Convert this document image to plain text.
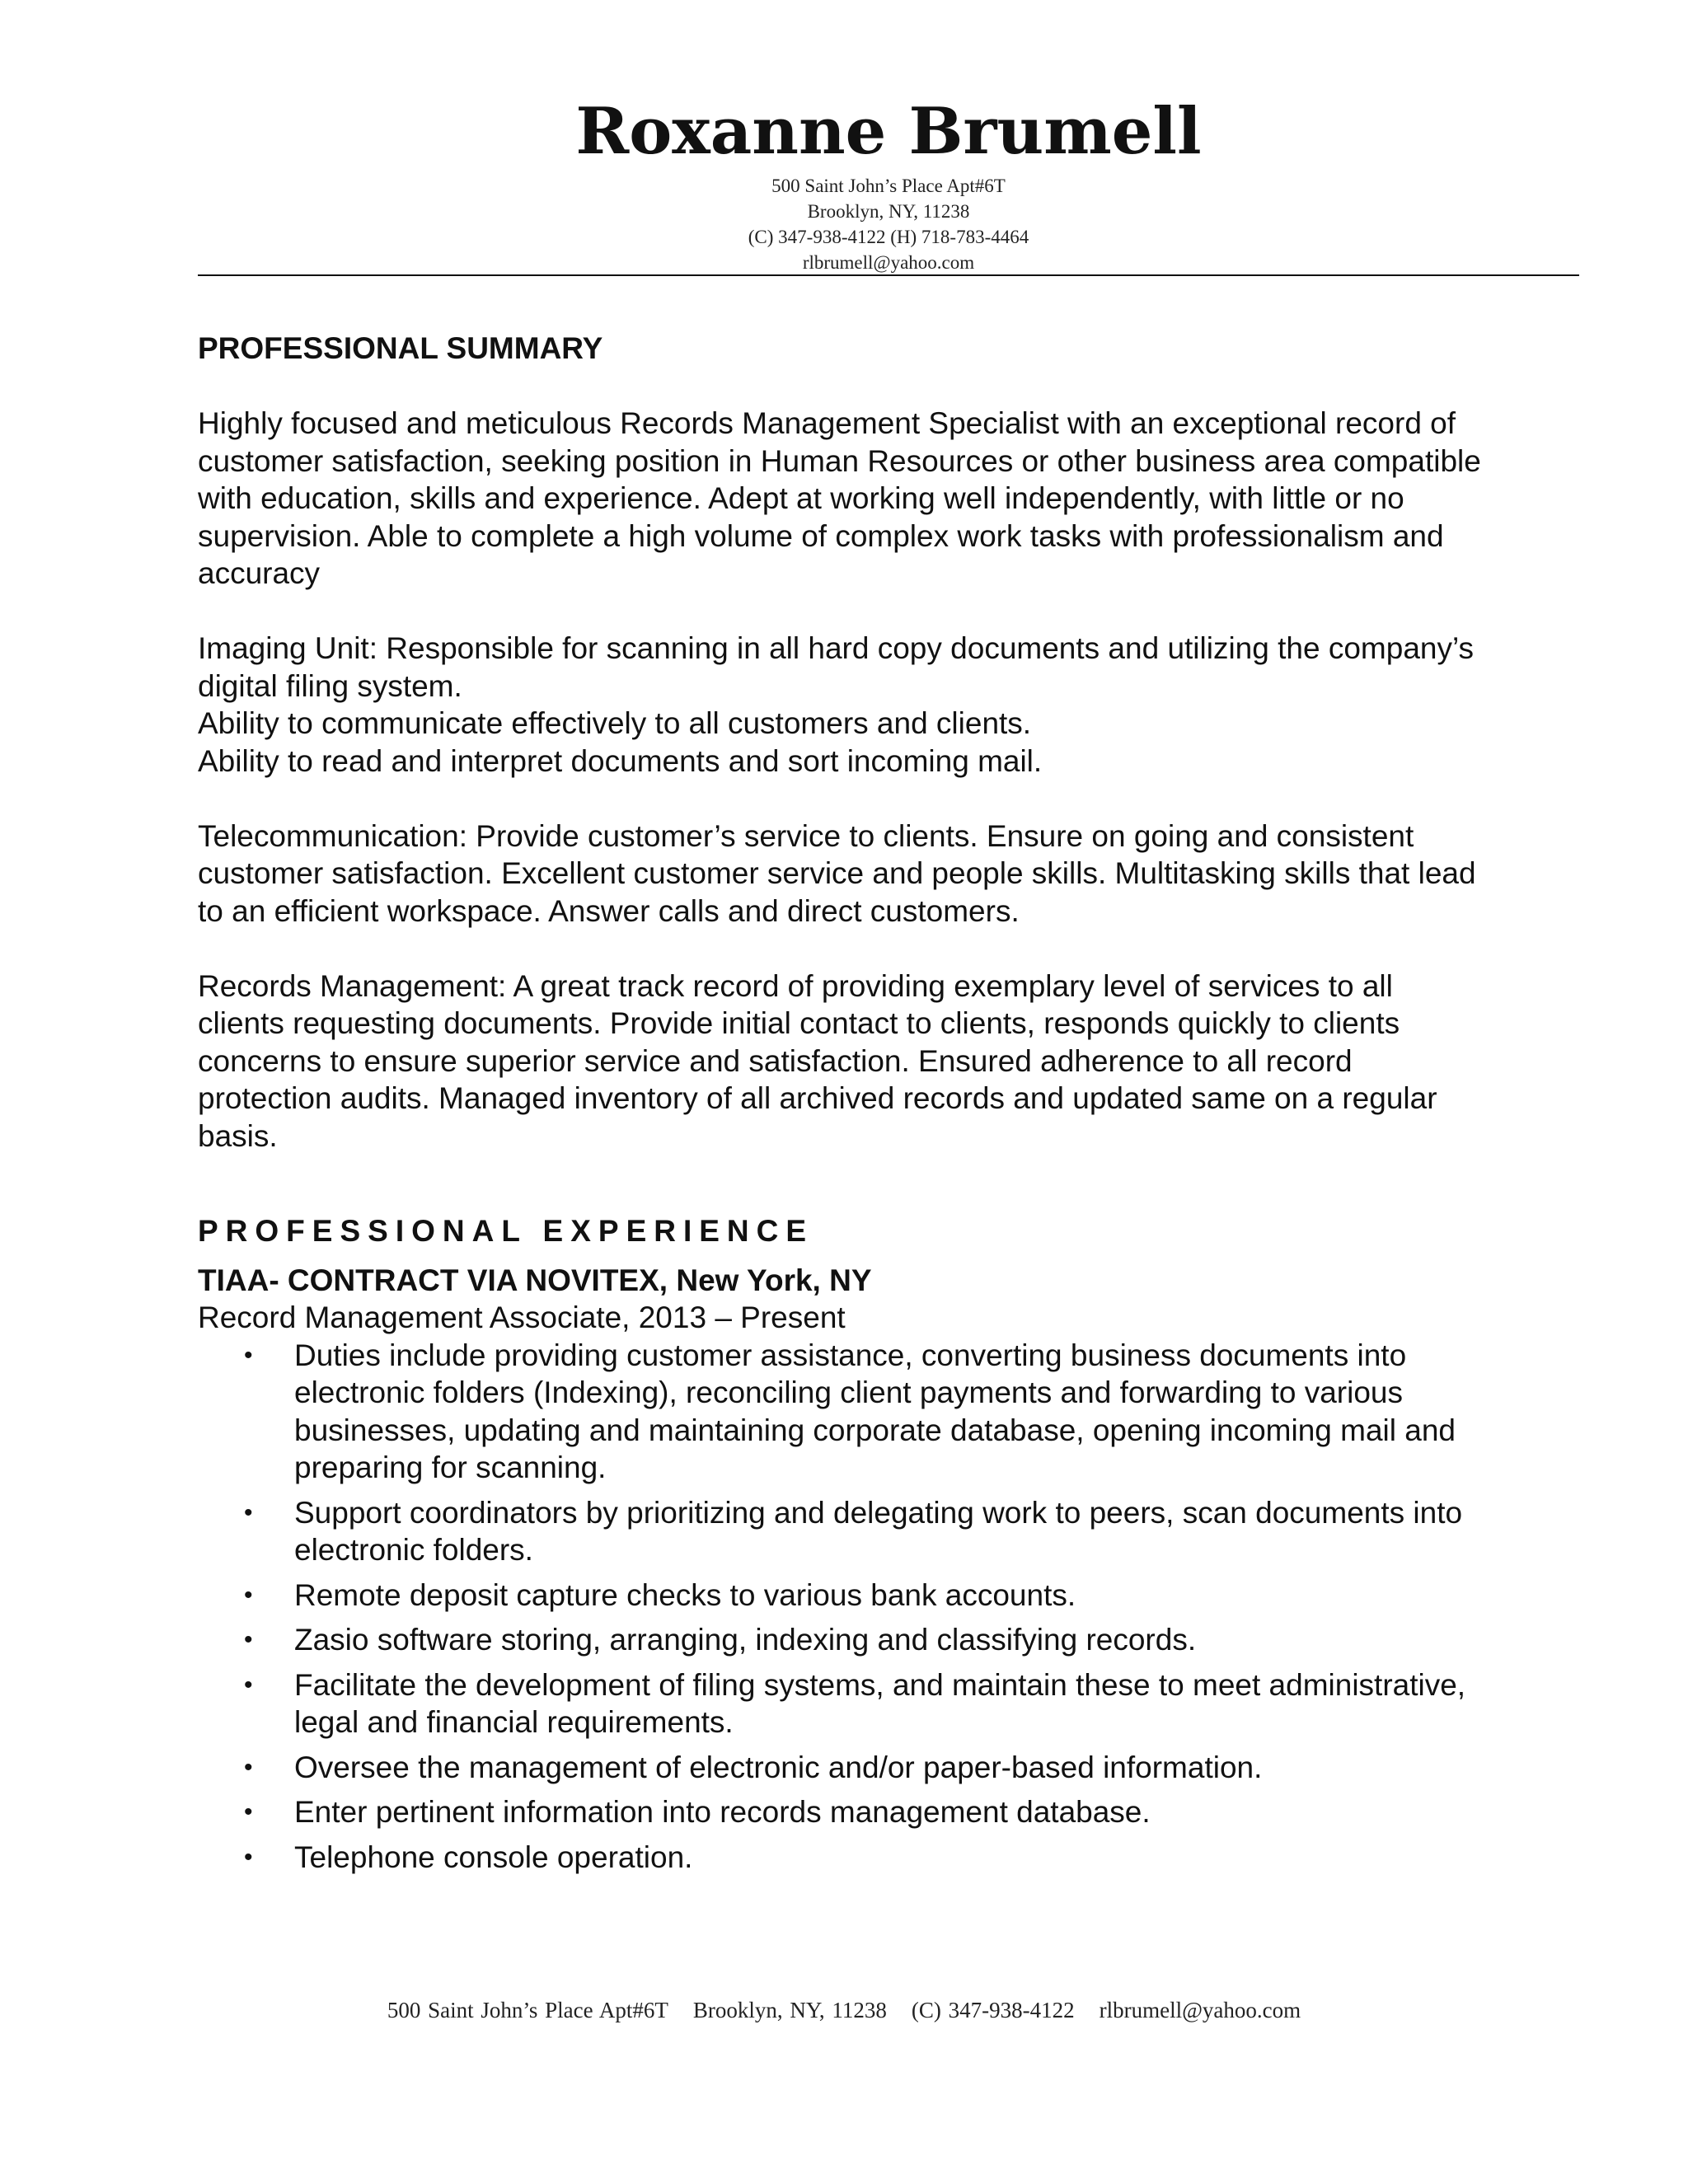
Roxanne Brumell

500 Saint John’s Place Apt#6T

Brooklyn, NY, 11238

(C) 347-938-4122 (H) 718-783-4464

rlbrumell@yahoo.com

PROFESSIONAL SUMMARY

Highly focused and meticulous Records Management Specialist with an exceptional record of customer satisfaction, seeking position in Human Resources or other business area compatible with education, skills and experience. Adept at working well independently, with little or no supervision. Able to complete a high volume of complex work tasks with professionalism and accuracy

Imaging Unit: Responsible for scanning in all hard copy documents and utilizing the company’s digital filing system.

Ability to communicate effectively to all customers and clients.

Ability to read and interpret documents and sort incoming mail.

Telecommunication: Provide customer’s service to clients. Ensure on going and consistent customer satisfaction. Excellent customer service and people skills. Multitasking skills that lead to an efficient workspace. Answer calls and direct customers.

Records Management: A great track record of providing exemplary level of services to all clients requesting documents. Provide initial contact to clients, responds quickly to clients concerns to ensure superior service and satisfaction. Ensured adherence to all record protection audits. Managed inventory of all archived records and updated same on a regular basis.

PROFESSIONAL EXPERIENCE

TIAA- CONTRACT VIA NOVITEX, New York, NY

Record Management Associate, 2013 – Present

• Duties include providing customer assistance, converting business documents into electronic folders (Indexing), reconciling client payments and forwarding to various businesses, updating and maintaining corporate database, opening incoming mail and preparing for scanning.
• Support coordinators by prioritizing and delegating work to peers, scan documents into electronic folders.
• Remote deposit capture checks to various bank accounts.
• Zasio software storing, arranging, indexing and classifying records.
• Facilitate the development of filing systems, and maintain these to meet administrative, legal and financial requirements.
• Oversee the management of electronic and/or paper-based information.
• Enter pertinent information into records management database.
• Telephone console operation.
500 Saint John’s Place Apt#6T Brooklyn, NY, 11238 (C) 347-938-4122 rlbrumell@yahoo.com
